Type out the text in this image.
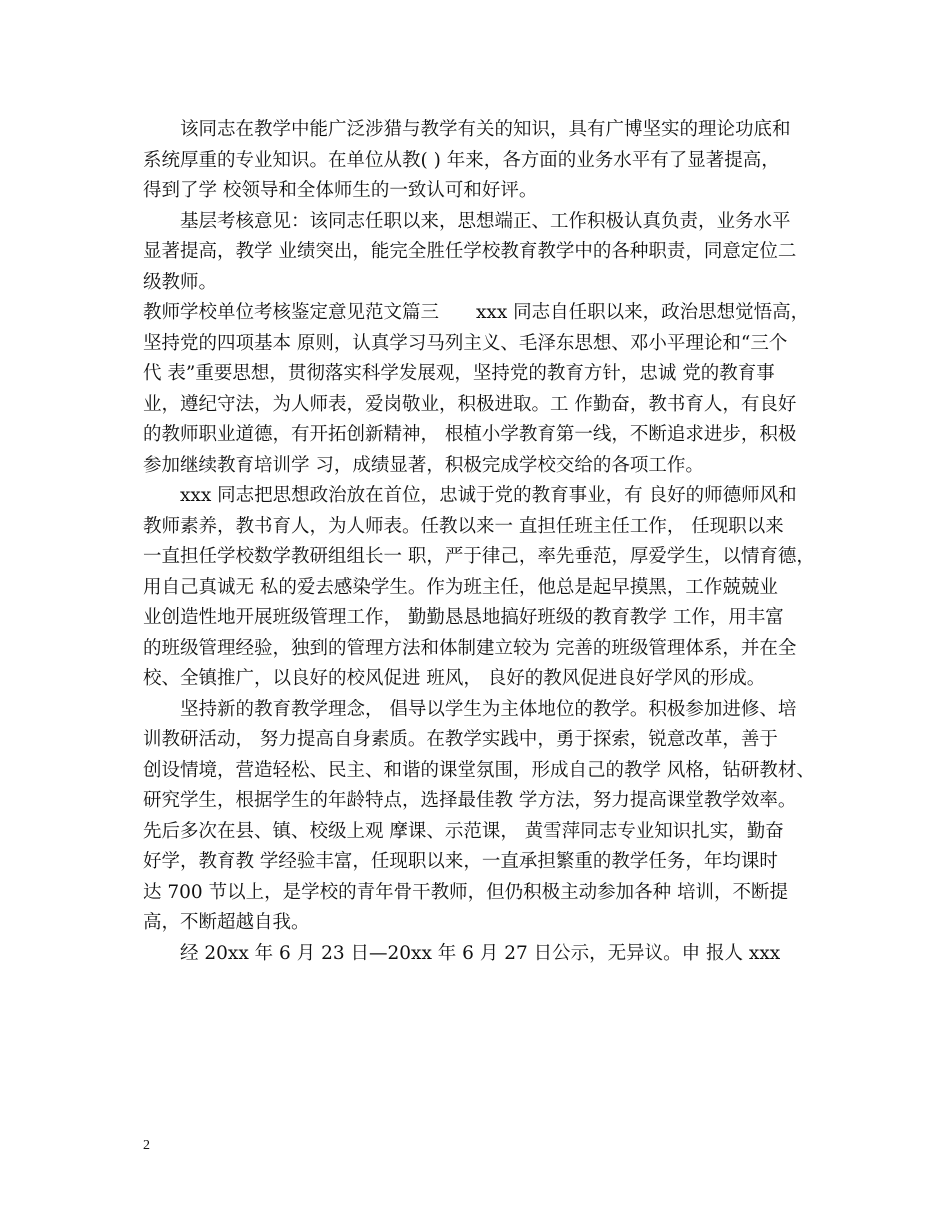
　　该同志在教学中能广泛涉猎与教学有关的知识，具有广博坚实的理论功底和
系统厚重的专业知识。在单位从教( ) 年来，各方面的业务水平有了显著提高，
得到了学 校领导和全体师生的一致认可和好评。

　　基层考核意见：该同志任职以来，思想端正、工作积极认真负责，业务水平
显著提高，教学 业绩突出，能完全胜任学校教育教学中的各种职责，同意定位二
级教师。

教师学校单位考核鉴定意见范文篇三　　xxx 同志自任职以来，政治思想觉悟高，
坚持党的四项基本 原则，认真学习马列主义、毛泽东思想、邓小平理论和“三个
代 表”重要思想，贯彻落实科学发展观，坚持党的教育方针，忠诚 党的教育事
业，遵纪守法，为人师表，爱岗敬业，积极进取。工 作勤奋，教书育人，有良好
的教师职业道德，有开拓创新精神， 根植小学教育第一线，不断追求进步，积极
参加继续教育培训学 习，成绩显著，积极完成学校交给的各项工作。

　　xxx 同志把思想政治放在首位，忠诚于党的教育事业，有 良好的师德师风和
教师素养，教书育人，为人师表。任教以来一 直担任班主任工作， 任现职以来
一直担任学校数学教研组组长一 职，严于律己，率先垂范，厚爱学生，以情育德，
用自己真诚无 私的爱去感染学生。作为班主任，他总是起早摸黑，工作兢兢业
业创造性地开展班级管理工作， 勤勤恳恳地搞好班级的教育教学 工作，用丰富
的班级管理经验，独到的管理方法和体制建立较为 完善的班级管理体系，并在全
校、全镇推广，以良好的校风促进 班风， 良好的教风促进良好学风的形成。

　　坚持新的教育教学理念， 倡导以学生为主体地位的教学。积极参加进修、培
训教研活动， 努力提高自身素质。在教学实践中，勇于探索，锐意改革，善于
创设情境，营造轻松、民主、和谐的课堂氛围，形成自己的教学 风格，钻研教材、
研究学生，根据学生的年龄特点，选择最佳教 学方法，努力提高课堂教学效率。
先后多次在县、镇、校级上观 摩课、示范课， 黄雪萍同志专业知识扎实，勤奋
好学，教育教 学经验丰富，任现职以来，一直承担繁重的教学任务，年均课时
达 700 节以上，是学校的青年骨干教师，但仍积极主动参加各种 培训，不断提
高，不断超越自我。

　　经 20xx 年 6 月 23 日—20xx 年 6 月 27 日公示，无异议。申 报人 xxx

2
